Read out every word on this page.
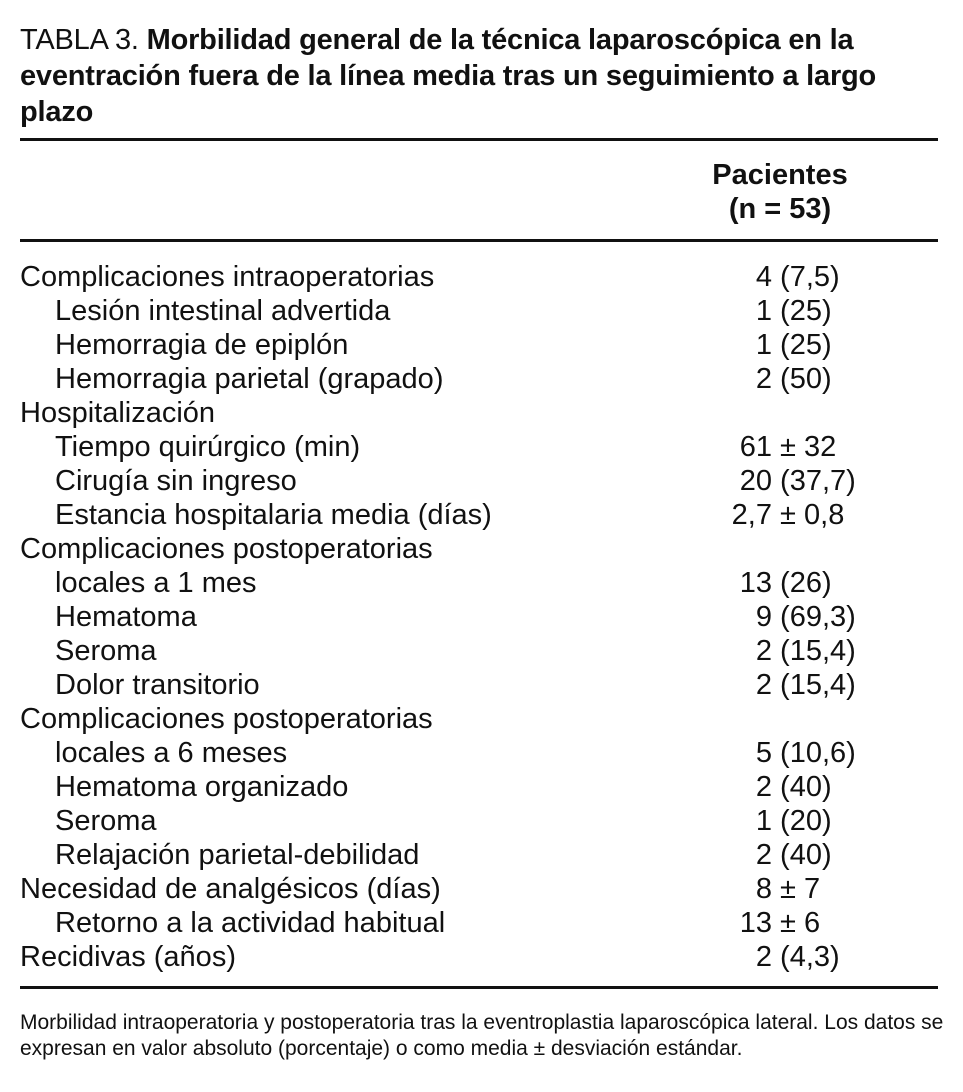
TABLA 3. Morbilidad general de la técnica laparoscópica en la eventración fuera de la línea media tras un seguimiento a largo plazo
Pacientes
(n = 53)
Complicaciones intraoperatorias	4 (7,5)
Lesión intestinal advertida	1 (25)
Hemorragia de epiplón	1 (25)
Hemorragia parietal (grapado)	2 (50)
Hospitalización
Tiempo quirúrgico (min)	61 ± 32
Cirugía sin ingreso	20 (37,7)
Estancia hospitalaria media (días)	2,7 ± 0,8
Complicaciones postoperatorias
locales a 1 mes	13 (26)
Hematoma	9 (69,3)
Seroma	2 (15,4)
Dolor transitorio	2 (15,4)
Complicaciones postoperatorias
locales a 6 meses	5 (10,6)
Hematoma organizado	2 (40)
Seroma	1 (20)
Relajación parietal-debilidad	2 (40)
Necesidad de analgésicos (días)	8 ± 7
Retorno a la actividad habitual	13 ± 6
Recidivas (años)	2 (4,3)
Morbilidad intraoperatoria y postoperatoria tras la eventroplastia laparoscópica lateral. Los datos se expresan en valor absoluto (porcentaje) o como media ± desviación estándar.
